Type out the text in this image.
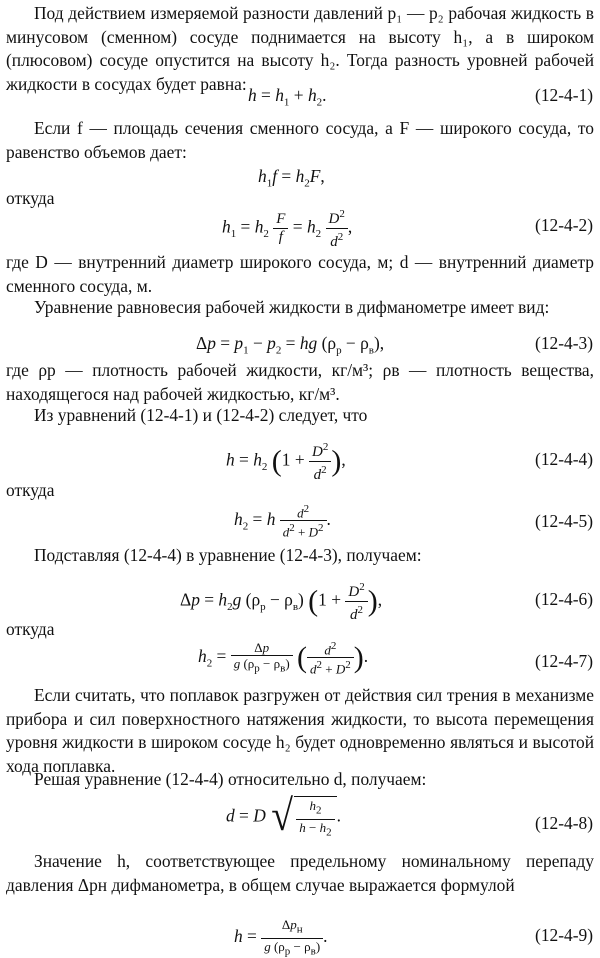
Под действием измеряемой разности давлений p₁ — p₂ рабочая жидкость в минусовом (сменном) сосуде поднимается на высоту h₁, а в широком (плюсовом) сосуде опустится на высоту h₂. Тогда разность уровней рабочей жидкости в сосудах будет равна:
$h = h_1 + h_2$.	(12-4-1)
Если f — площадь сечения сменного сосуда, а F — широкого сосуда, то равенство объемов дает:
$h_1f = h_2F$,
откуда
$h_1 = h_2 \frac{F}{f} = h_2 \frac{D^2}{d^2}$ ,	(12-4-2)
где D — внутренний диаметр широкого сосуда, м; d — внутренний диаметр сменного сосуда, м.
Уравнение равновесия рабочей жидкости в дифманометре имеет вид:
$\Delta p = p_1 - p_2$ = hg $(\rho_р - \rho_в)$,	(12-4-3)
где ρр — плотность рабочей жидкости, кг/м³; ρв — плотность вещества, находящегося над рабочей жидкостью, кг/м³.
Из уравнений (12-4-1) и (12-4-2) следует, что
$h = h_2$ ($1 + \frac{D^2}{d^2}$ ),	(12-4-4)
откуда
$h_2 = h \frac{d^2}{d^2 + D^2}$ .	(12-4-5)
Подставляя (12-4-4) в уравнение (12-4-3), получаем:
$\Delta p = h_2g$ $(\rho_р - \rho_в) (1 + \frac{D^2}{d^2}$ ),	(12-4-6)
откуда
$h_2 = \frac{\Delta p}{g (\rho_р - \rho_в)}$ ( $\frac{d^2}{d^2 + D^2}$ ).	(12-4-7)
Если считать, что поплавок разгружен от действия сил трения в механизме прибора и сил поверхностного натяжения жидкости, то высота перемещения уровня жидкости в широком сосуде h₂ будет одновременно являться и высотой хода поплавка.
Решая уравнение (12-4-4) относительно d, получаем:
d = D √ $\frac{h_2}{h - h_2}$ .	(12-4-8)
Значение h, соответствующее предельному номинальному перепаду давления Δpн дифманометра, в общем случае выражается формулой
$h = \frac{\Delta p_н}{g (\rho_р - \rho_в)}$ .	(12-4-9)
